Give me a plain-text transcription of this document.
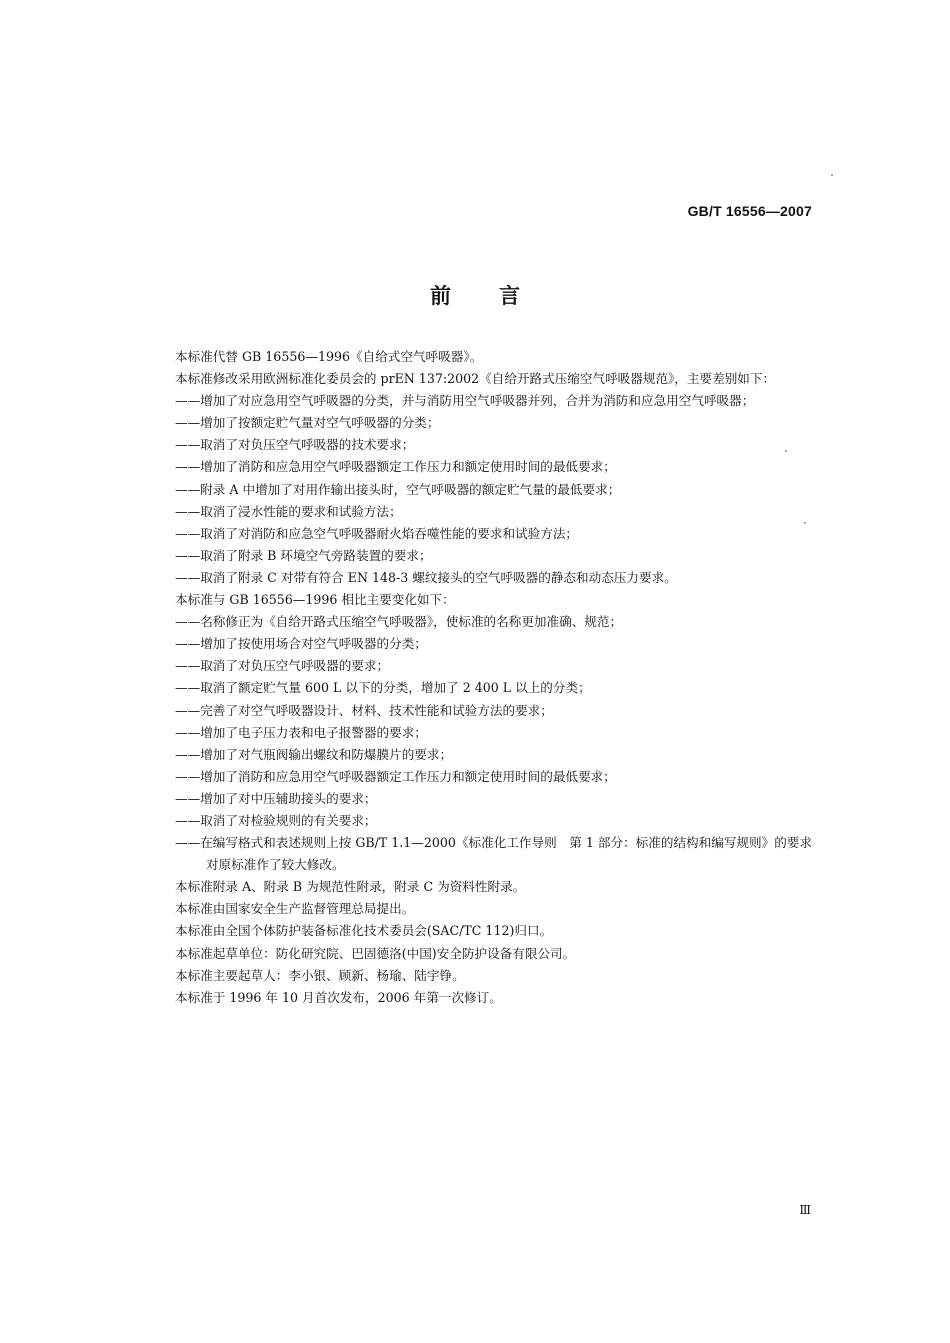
GB/T 16556—2007
前言

本标准代替 GB 16556—1996《自给式空气呼吸器》。

本标准修改采用欧洲标准化委员会的 prEN 137:2002《自给开路式压缩空气呼吸器规范》，主要差别如下：

——增加了对应急用空气呼吸器的分类，并与消防用空气呼吸器并列，合并为消防和应急用空气呼吸器；

——增加了按额定贮气量对空气呼吸器的分类；

——取消了对负压空气呼吸器的技术要求；

——增加了消防和应急用空气呼吸器额定工作压力和额定使用时间的最低要求；

——附录 A 中增加了对用作输出接头时，空气呼吸器的额定贮气量的最低要求；

——取消了浸水性能的要求和试验方法；

——取消了对消防和应急空气呼吸器耐火焰吞噬性能的要求和试验方法；

——取消了附录 B 环境空气旁路装置的要求；

——取消了附录 C 对带有符合 EN 148-3 螺纹接头的空气呼吸器的静态和动态压力要求。

本标准与 GB 16556—1996 相比主要变化如下：

——名称修正为《自给开路式压缩空气呼吸器》，使标准的名称更加准确、规范；

——增加了按使用场合对空气呼吸器的分类；

——取消了对负压空气呼吸器的要求；

——取消了额定贮气量 600 L 以下的分类，增加了 2 400 L 以上的分类；

——完善了对空气呼吸器设计、材料、技术性能和试验方法的要求；

——增加了电子压力表和电子报警器的要求；

——增加了对气瓶阀输出螺纹和防爆膜片的要求；

——增加了消防和应急用空气呼吸器额定工作压力和额定使用时间的最低要求；

——增加了对中压辅助接头的要求；

——取消了对检验规则的有关要求；

——在编写格式和表述规则上按 GB/T 1.1—2000《标准化工作导则　第 1 部分：标准的结构和编写规则》的要求对原标准作了较大修改。

本标准附录 A、附录 B 为规范性附录，附录 C 为资料性附录。

本标准由国家安全生产监督管理总局提出。

本标准由全国个体防护装备标准化技术委员会(SAC/TC 112)归口。

本标准起草单位：防化研究院、巴固德洛(中国)安全防护设备有限公司。

本标准主要起草人：李小银、顾新、杨瑜、陆宇铮。

本标准于 1996 年 10 月首次发布，2006 年第一次修订。

Ⅲ
